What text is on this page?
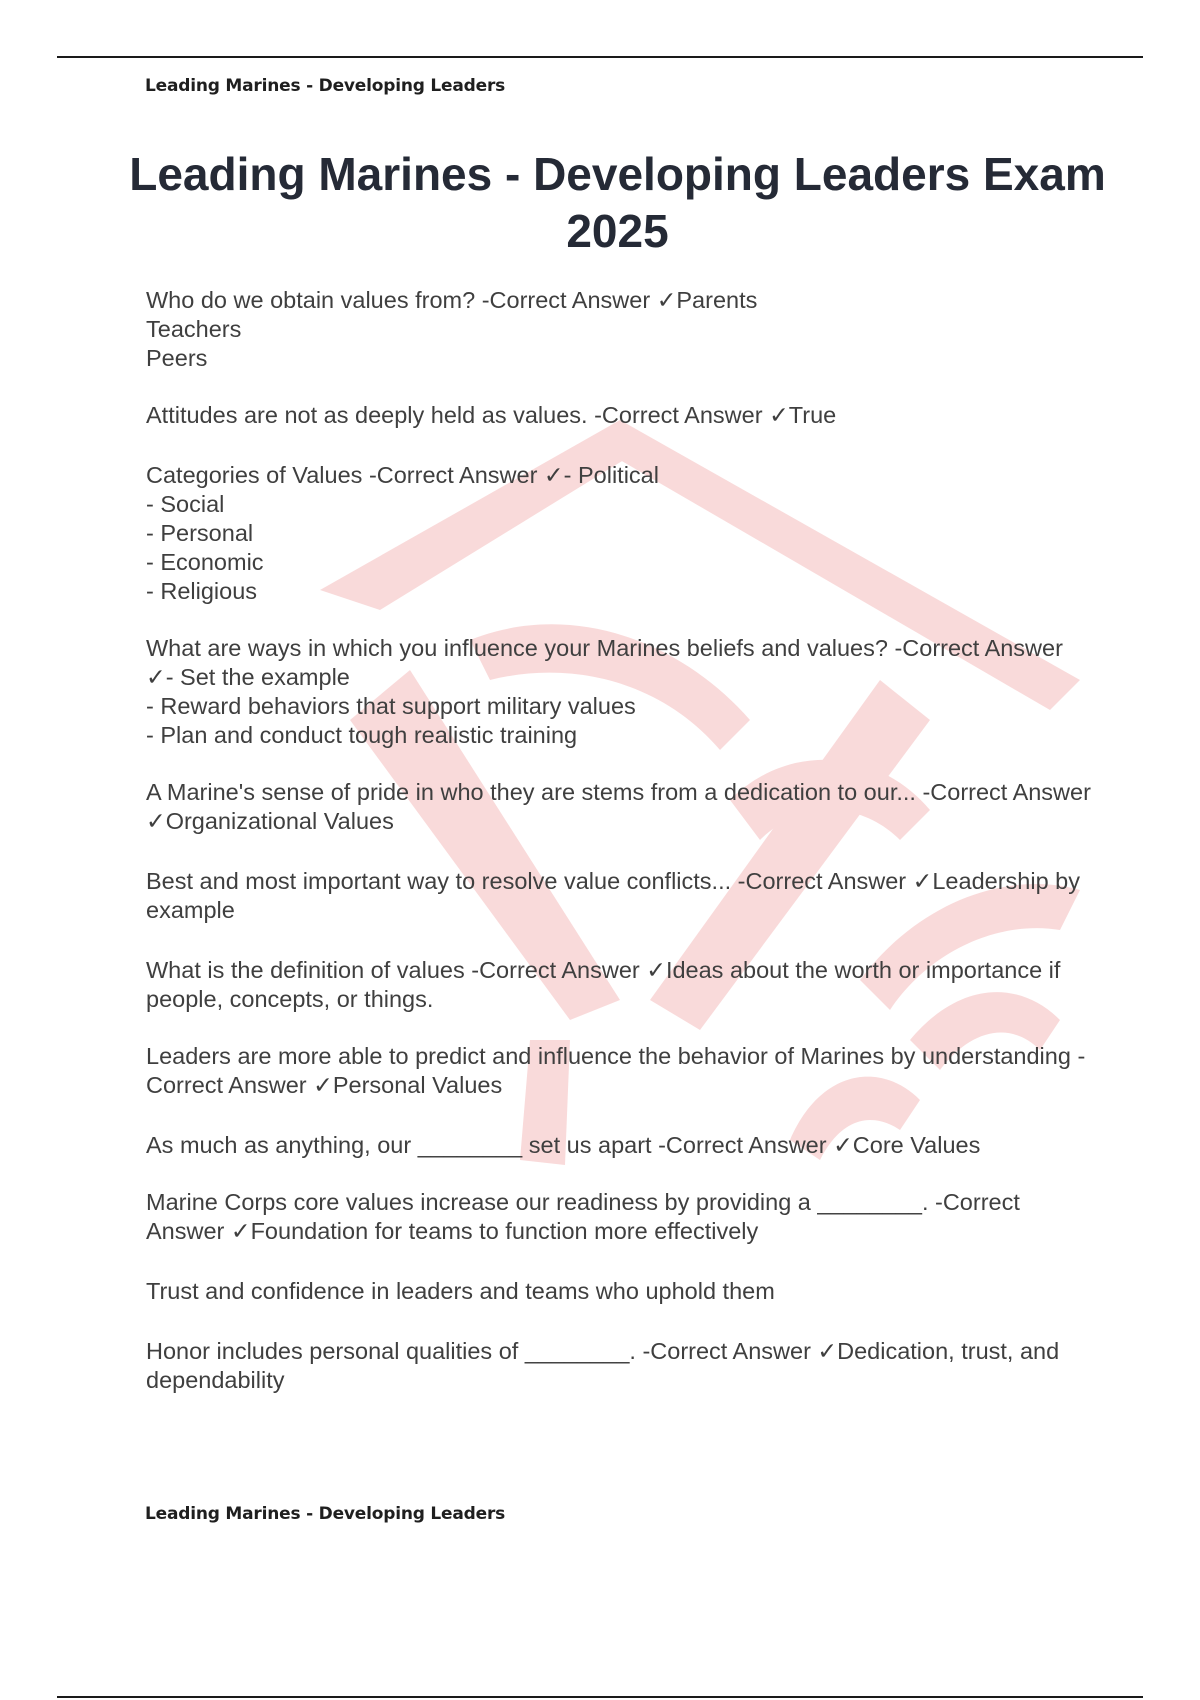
Leading Marines - Developing Leaders
Leading Marines - Developing Leaders Exam 2025

Who do we obtain values from? -Correct Answer ✓Parents
Teachers
Peers

Attitudes are not as deeply held as values. -Correct Answer ✓True

Categories of Values -Correct Answer ✓- Political
- Social
- Personal
- Economic
- Religious

What are ways in which you influence your Marines beliefs and values? -Correct Answer ✓- Set the example
- Reward behaviors that support military values
- Plan and conduct tough realistic training

A Marine's sense of pride in who they are stems from a dedication to our... -Correct Answer ✓Organizational Values

Best and most important way to resolve value conflicts... -Correct Answer ✓Leadership by example

What is the definition of values -Correct Answer ✓Ideas about the worth or importance if people, concepts, or things.

Leaders are more able to predict and influence the behavior of Marines by understanding -Correct Answer ✓Personal Values

As much as anything, our ________ set us apart -Correct Answer ✓Core Values

Marine Corps core values increase our readiness by providing a ________. -Correct Answer ✓Foundation for teams to function more effectively

Trust and confidence in leaders and teams who uphold them

Honor includes personal qualities of ________. -Correct Answer ✓Dedication, trust, and dependability

Leading Marines - Developing Leaders
